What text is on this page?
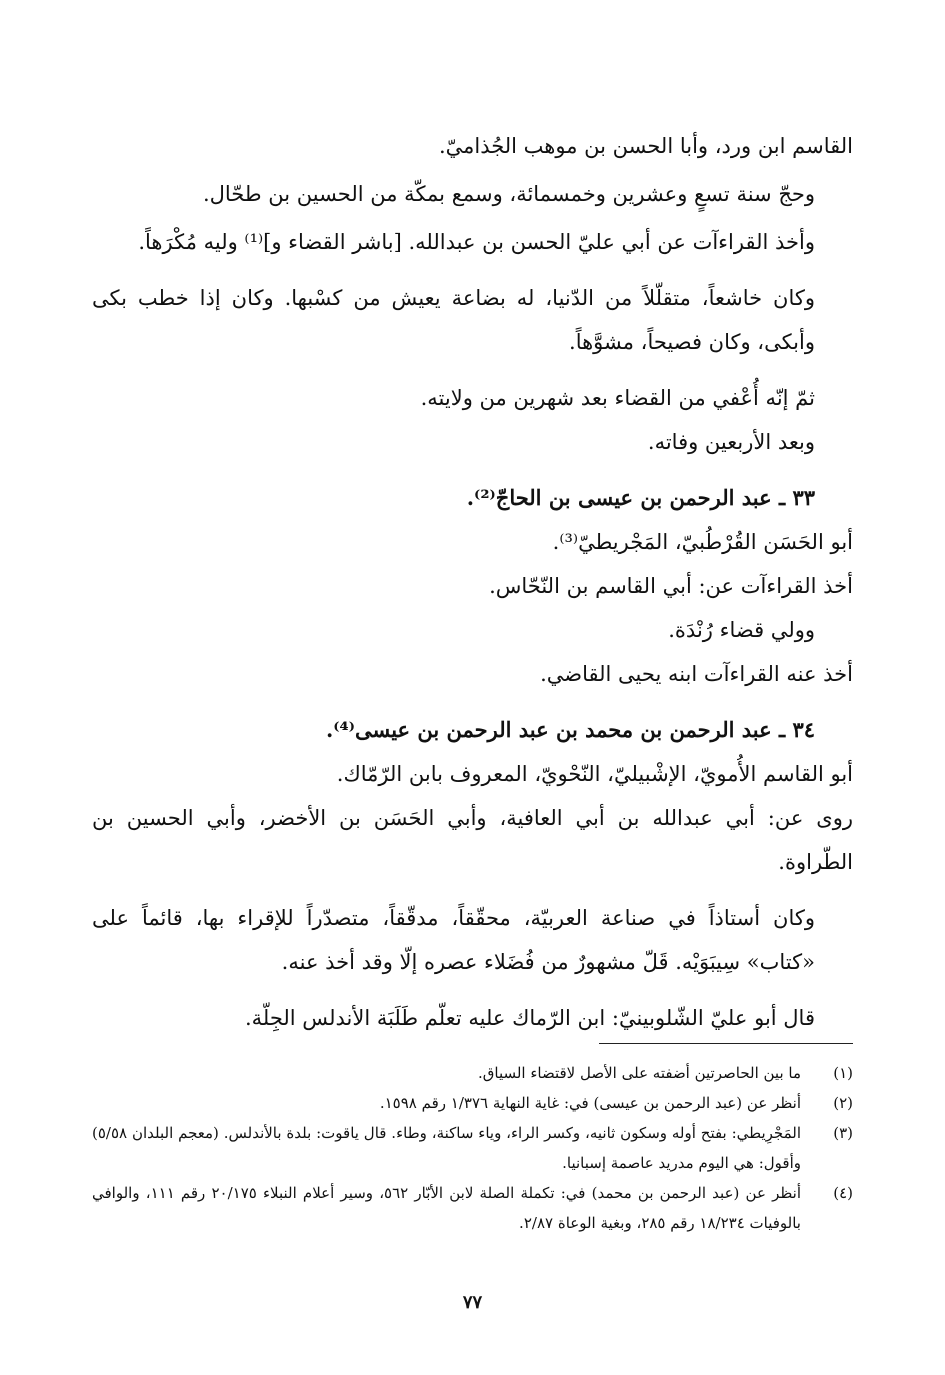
القاسم ابن ورد، وأبا الحسن بن موهب الجُذاميّ.

وحجّ سنة تسعٍ وعشرين وخمسمائة، وسمع بمكّة من الحسين بن طحّال.

وأخذ القراءآت عن أبي عليّ الحسن بن عبدالله. [باشر القضاء و]⁽¹⁾ وليه مُكْرَهاً.

وكان خاشعاً، متقلّلاً من الدّنيا، له بضاعة يعيش من كسْبها. وكان إذا خطب بكى وأبكى، وكان فصيحاً، مشوَّهاً.

ثمّ إنّه أُعْفي من القضاء بعد شهرين من ولايته.

وبعد الأربعين وفاته.

٣٣ ـ عبد الرحمن بن عيسى بن الحاجّ⁽²⁾.

أبو الحَسَن القُرْطُبيّ، المَجْريطيّ⁽³⁾.

أخذ القراءآت عن: أبي القاسم بن النّحّاس.

وولي قضاء رُنْدَة.

أخذ عنه القراءآت ابنه يحيى القاضي.

٣٤ ـ عبد الرحمن بن محمد بن عبد الرحمن بن عيسى⁽⁴⁾.

أبو القاسم الأُمويّ، الإشْبيليّ، النّحْويّ، المعروف بابن الرّمّاك.

روى عن: أبي عبدالله بن أبي العافية، وأبي الحَسَن بن الأخضر، وأبي الحسين بن الطّراوة.

وكان أستاذاً في صناعة العربيّة، محقّقاً، مدقّقاً، متصدّراً للإقراء بها، قائماً على «كتاب» سِيبَوَيْه. قَلّ مشهورٌ من فُضَلاء عصره إلّا وقد أخذ عنه.

قال أبو عليّ الشّلوبينيّ: ابن الرّماك عليه تعلّم طَلَبَة الأندلس الجِلّة.

(١)
ما بين الحاصرتين أضفته على الأصل لاقتضاء السياق.
(٢)
أنظر عن (عبد الرحمن بن عيسى) في: غاية النهاية ١/٣٧٦ رقم ١٥٩٨.
(٣)
المَجْرِيطي: بفتح أوله وسكون ثانيه، وكسر الراء، وياء ساكنة، وطاء. قال ياقوت: بلدة بالأندلس. (معجم البلدان ٥/٥٨) وأقول: هي اليوم مدريد عاصمة إسبانيا.
(٤)
أنظر عن (عبد الرحمن بن محمد) في: تكملة الصلة لابن الأبّار ٥٦٢، وسير أعلام النبلاء ٢٠/١٧٥ رقم ١١١، والوافي بالوفيات ١٨/٢٣٤ رقم ٢٨٥، وبغية الوعاة ٢/٨٧.
٧٧
